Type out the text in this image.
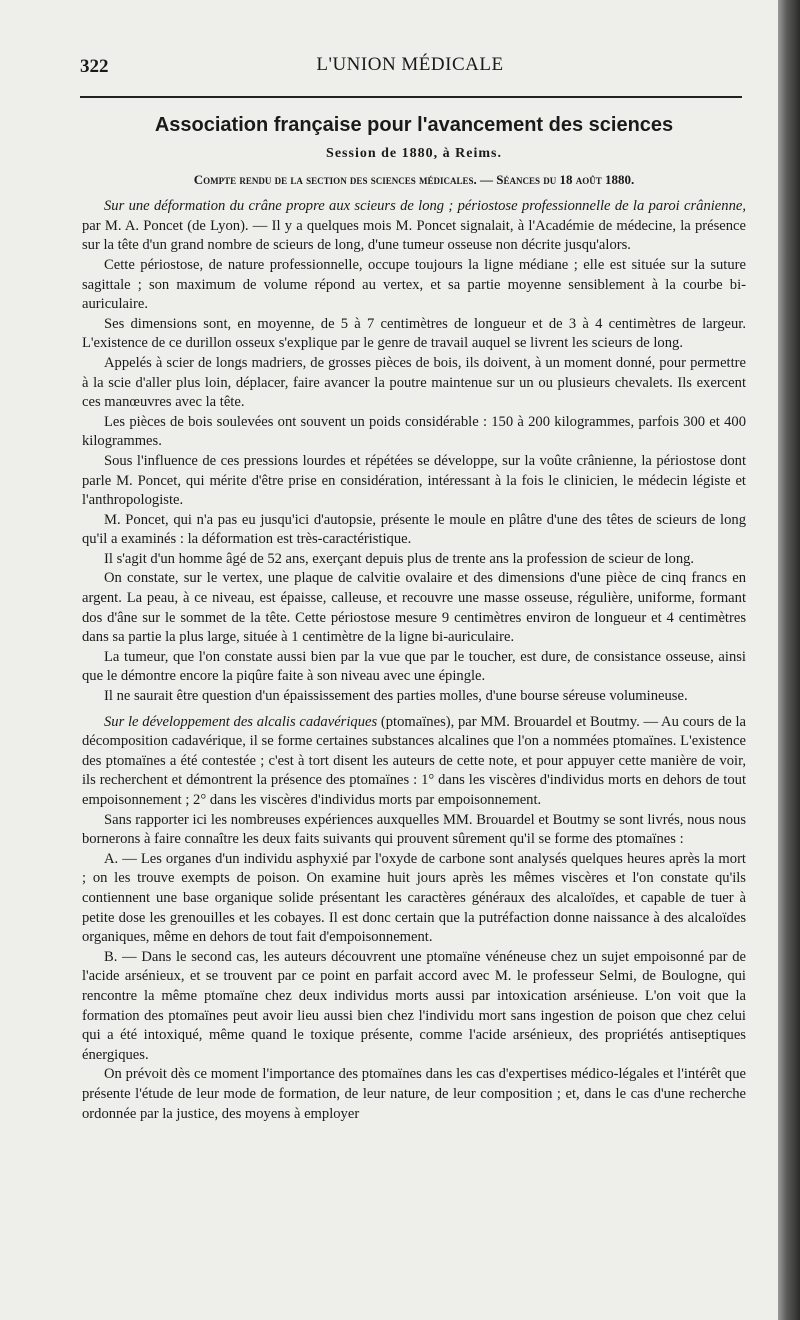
322	L'UNION MÉDICALE
Association française pour l'avancement des sciences
Session de 1880, à Reims.
Compte rendu de la section des sciences médicales. — Séances du 18 août 1880.

Sur une déformation du crâne propre aux scieurs de long ; périostose professionnelle de la paroi crânienne, par M. A. Poncet (de Lyon). — Il y a quelques mois M. Poncet signalait, à l'Académie de médecine, la présence sur la tête d'un grand nombre de scieurs de long, d'une tumeur osseuse non décrite jusqu'alors.

Cette périostose, de nature professionnelle, occupe toujours la ligne médiane ; elle est située sur la suture sagittale ; son maximum de volume répond au vertex, et sa partie moyenne sensiblement à la courbe bi-auriculaire.

Ses dimensions sont, en moyenne, de 5 à 7 centimètres de longueur et de 3 à 4 centimètres de largeur. L'existence de ce durillon osseux s'explique par le genre de travail auquel se livrent les scieurs de long.

Appelés à scier de longs madriers, de grosses pièces de bois, ils doivent, à un moment donné, pour permettre à la scie d'aller plus loin, déplacer, faire avancer la poutre maintenue sur un ou plusieurs chevalets. Ils exercent ces manœuvres avec la tête.

Les pièces de bois soulevées ont souvent un poids considérable : 150 à 200 kilogrammes, parfois 300 et 400 kilogrammes.

Sous l'influence de ces pressions lourdes et répétées se développe, sur la voûte crânienne, la périostose dont parle M. Poncet, qui mérite d'être prise en considération, intéressant à la fois le clinicien, le médecin légiste et l'anthropologiste.

M. Poncet, qui n'a pas eu jusqu'ici d'autopsie, présente le moule en plâtre d'une des têtes de scieurs de long qu'il a examinés : la déformation est très-caractéristique.

Il s'agit d'un homme âgé de 52 ans, exerçant depuis plus de trente ans la profession de scieur de long.

On constate, sur le vertex, une plaque de calvitie ovalaire et des dimensions d'une pièce de cinq francs en argent. La peau, à ce niveau, est épaisse, calleuse, et recouvre une masse osseuse, régulière, uniforme, formant dos d'âne sur le sommet de la tête. Cette périostose mesure 9 centimètres environ de longueur et 4 centimètres dans sa partie la plus large, située à 1 centimètre de la ligne bi-auriculaire.

La tumeur, que l'on constate aussi bien par la vue que par le toucher, est dure, de consistance osseuse, ainsi que le démontre encore la piqûre faite à son niveau avec une épingle.

Il ne saurait être question d'un épaississement des parties molles, d'une bourse séreuse volumineuse.

Sur le développement des alcalis cadavériques (ptomaïnes), par MM. Brouardel et Boutmy. — Au cours de la décomposition cadavérique, il se forme certaines substances alcalines que l'on a nommées ptomaïnes. L'existence des ptomaïnes a été contestée ; c'est à tort disent les auteurs de cette note, et pour appuyer cette manière de voir, ils recherchent et démontrent la présence des ptomaïnes : 1° dans les viscères d'individus morts en dehors de tout empoisonnement ; 2° dans les viscères d'individus morts par empoisonnement.

Sans rapporter ici les nombreuses expériences auxquelles MM. Brouardel et Boutmy se sont livrés, nous nous bornerons à faire connaître les deux faits suivants qui prouvent sûrement qu'il se forme des ptomaïnes :

A. — Les organes d'un individu asphyxié par l'oxyde de carbone sont analysés quelques heures après la mort ; on les trouve exempts de poison. On examine huit jours après les mêmes viscères et l'on constate qu'ils contiennent une base organique solide présentant les caractères généraux des alcaloïdes, et capable de tuer à petite dose les grenouilles et les cobayes. Il est donc certain que la putréfaction donne naissance à des alcaloïdes organiques, même en dehors de tout fait d'empoisonnement.

B. — Dans le second cas, les auteurs découvrent une ptomaïne vénéneuse chez un sujet empoisonné par de l'acide arsénieux, et se trouvent par ce point en parfait accord avec M. le professeur Selmi, de Boulogne, qui rencontre la même ptomaïne chez deux individus morts aussi par intoxication arsénieuse. L'on voit que la formation des ptomaïnes peut avoir lieu aussi bien chez l'individu mort sans ingestion de poison que chez celui qui a été intoxiqué, même quand le toxique présente, comme l'acide arsénieux, des propriétés antiseptiques énergiques.

On prévoit dès ce moment l'importance des ptomaïnes dans les cas d'expertises médico-légales et l'intérêt que présente l'étude de leur mode de formation, de leur nature, de leur composition ; et, dans le cas d'une recherche ordonnée par la justice, des moyens à employer
